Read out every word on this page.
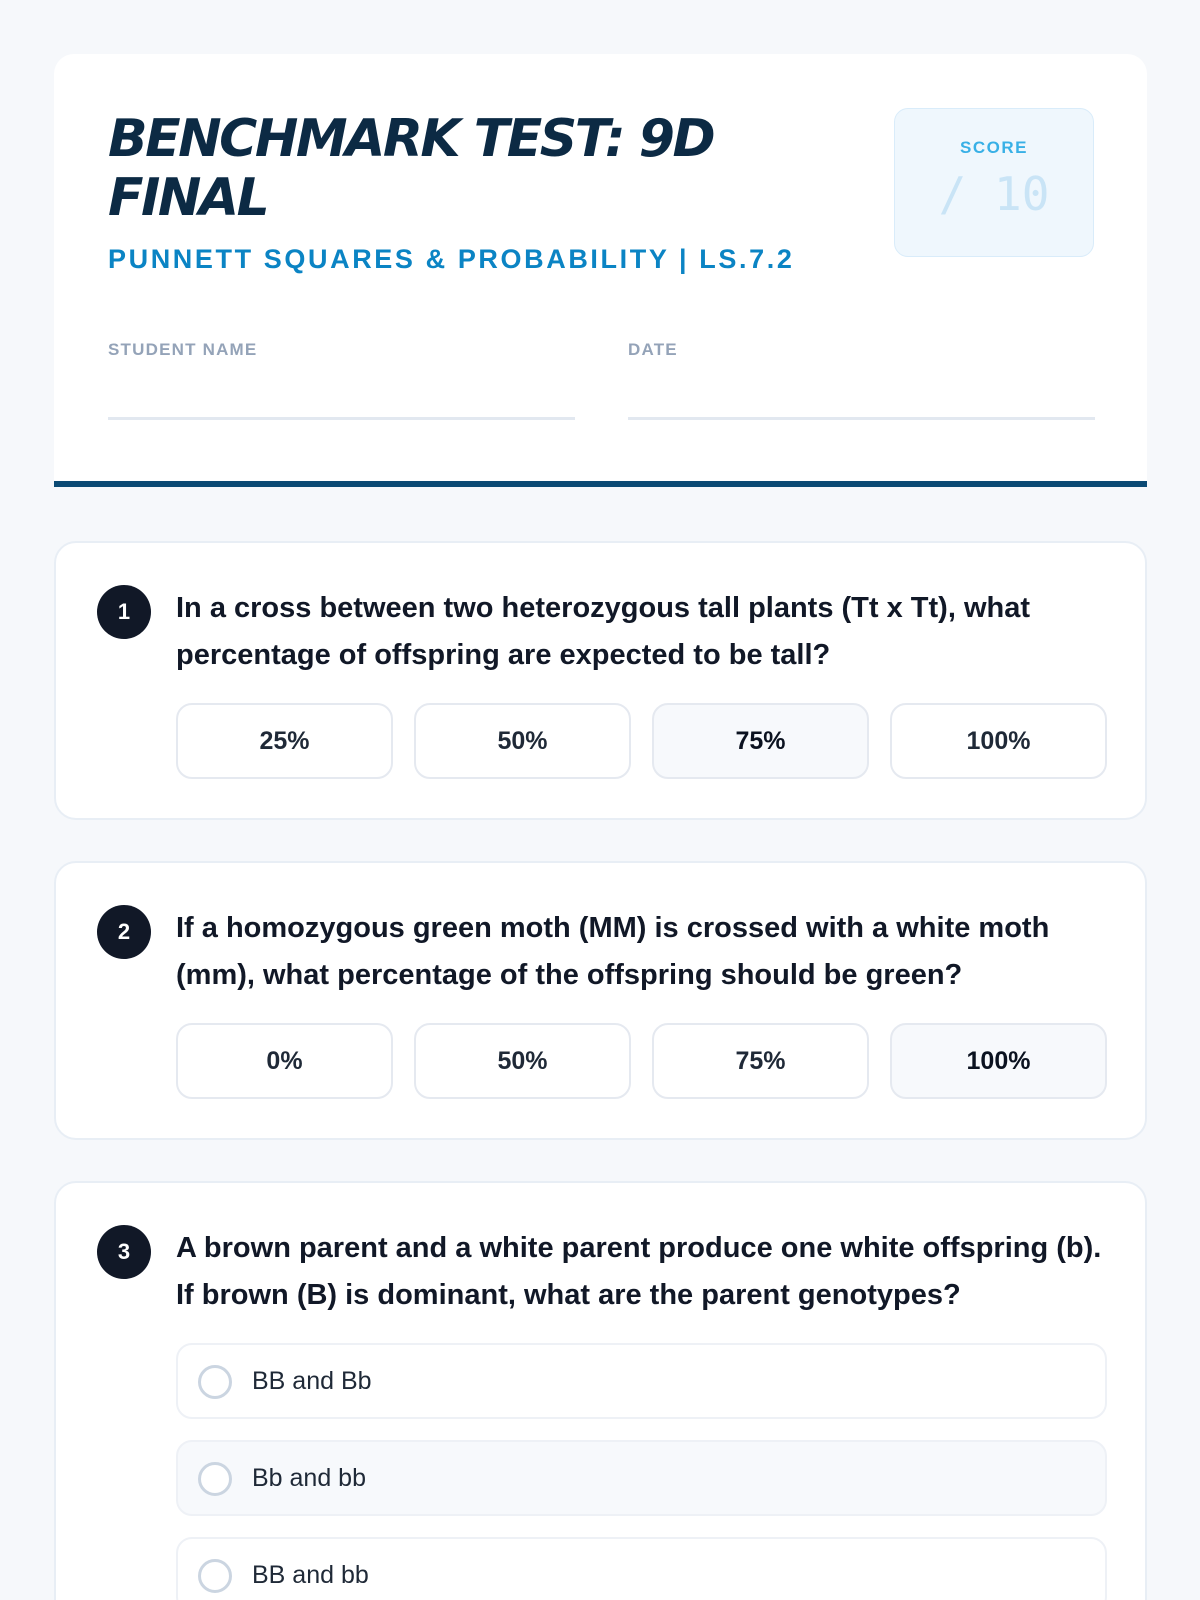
BENCHMARK TEST: 9D FINAL
PUNNETT SQUARES & PROBABILITY | LS.7.2
SCORE
/ 10
STUDENT NAME	DATE
1	In a cross between two heterozygous tall plants (Tt x Tt), what percentage of offspring are expected to be tall?
25%	50%	75%	100%
2	If a homozygous green moth (MM) is crossed with a white moth (mm), what percentage of the offspring should be green?
0%	50%	75%	100%
3	A brown parent and a white parent produce one white offspring (b). If brown (B) is dominant, what are the parent genotypes?
BB and Bb
Bb and bb
BB and bb
